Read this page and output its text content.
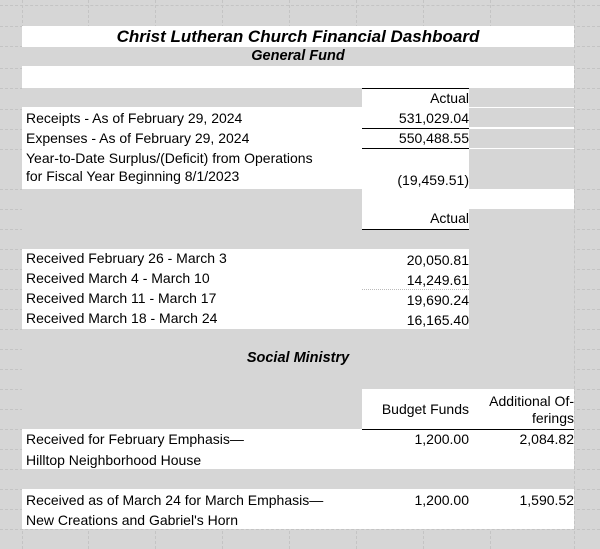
Christ Lutheran Church Financial Dashboard
General Fund
Actual
Receipts - As of February 29, 2024	531,029.04
Expenses - As of February 29, 2024	550,488.55
Year-to-Date Surplus/(Deficit) from Operations
for Fiscal Year Beginning 8/1/2023	(19,459.51)
Actual
Received February 26 - March 3	20,050.81
Received March 4 - March 10	14,249.61
Received March 11 - March 17	19,690.24
Received March 18 - March 24	16,165.40
Social Ministry
Budget Funds	Additional Of-
ferings
Received for February Emphasis—
Hilltop Neighborhood House
1,200.00	2,084.82
Received as of March 24 for March Emphasis—
New Creations and Gabriel's Horn
1,200.00	1,590.52
